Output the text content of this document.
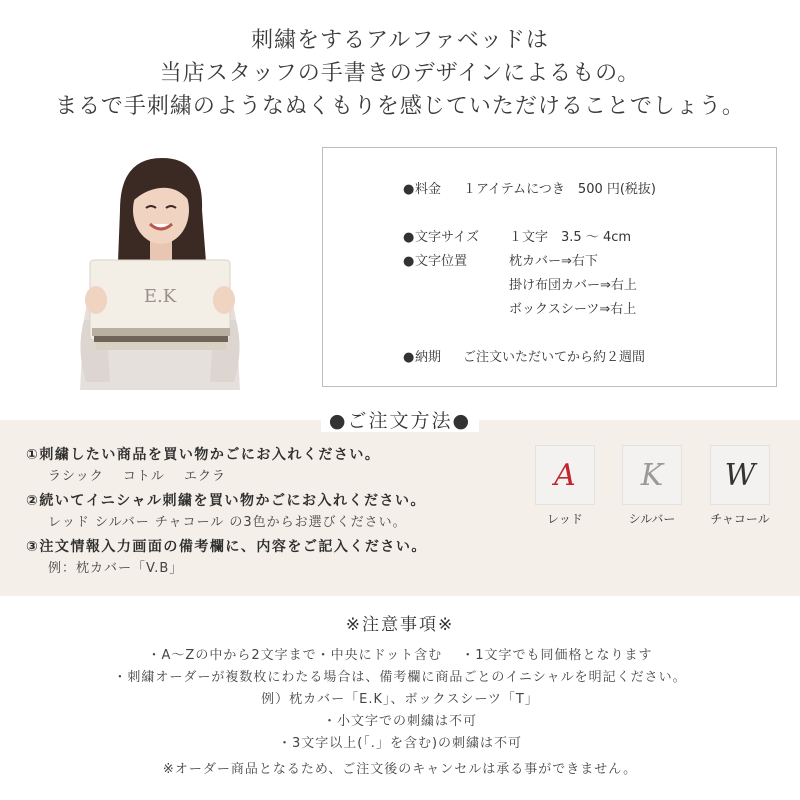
刺繍をするアルファベッドは

当店スタッフの手書きのデザインによるもの。

まるで手刺繍のようなぬくもりを感じていただけることでしょう。

E.K
●料金 １アイテムにつき　500 円(税抜)
●文字サイズ １文字　3.5 〜 4cm
●文字位置	枕カバー⇒右下
掛け布団カバー⇒右上
ボックスシーツ⇒右上
●納期 ご注文いただいてから約２週間
●ご注文方法●
①刺繍したい商品を買い物かごにお入れください。
ラシック　 コトル　 エクラ
②続いてイニシャル刺繍を買い物かごにお入れください。
レッド シルバー チャコール の3色からお選びください。
③注文情報入力画面の備考欄に、内容をご記入ください。
例：枕カバー「V.B」
A
レッド
K
シルバー
W
チャコール
※注意事項※

・A〜Zの中から2文字まで・中央にドット含む　 ・1文字でも同価格となります

・刺繍オーダーが複数枚にわたる場合は、備考欄に商品ごとのイニシャルを明記ください。

例）枕カバー「E.K」、ボックスシーツ「T」

・小文字での刺繍は不可

・3文字以上(「.」を含む)の刺繍は不可

※オーダー商品となるため、ご注文後のキャンセルは承る事ができません。
